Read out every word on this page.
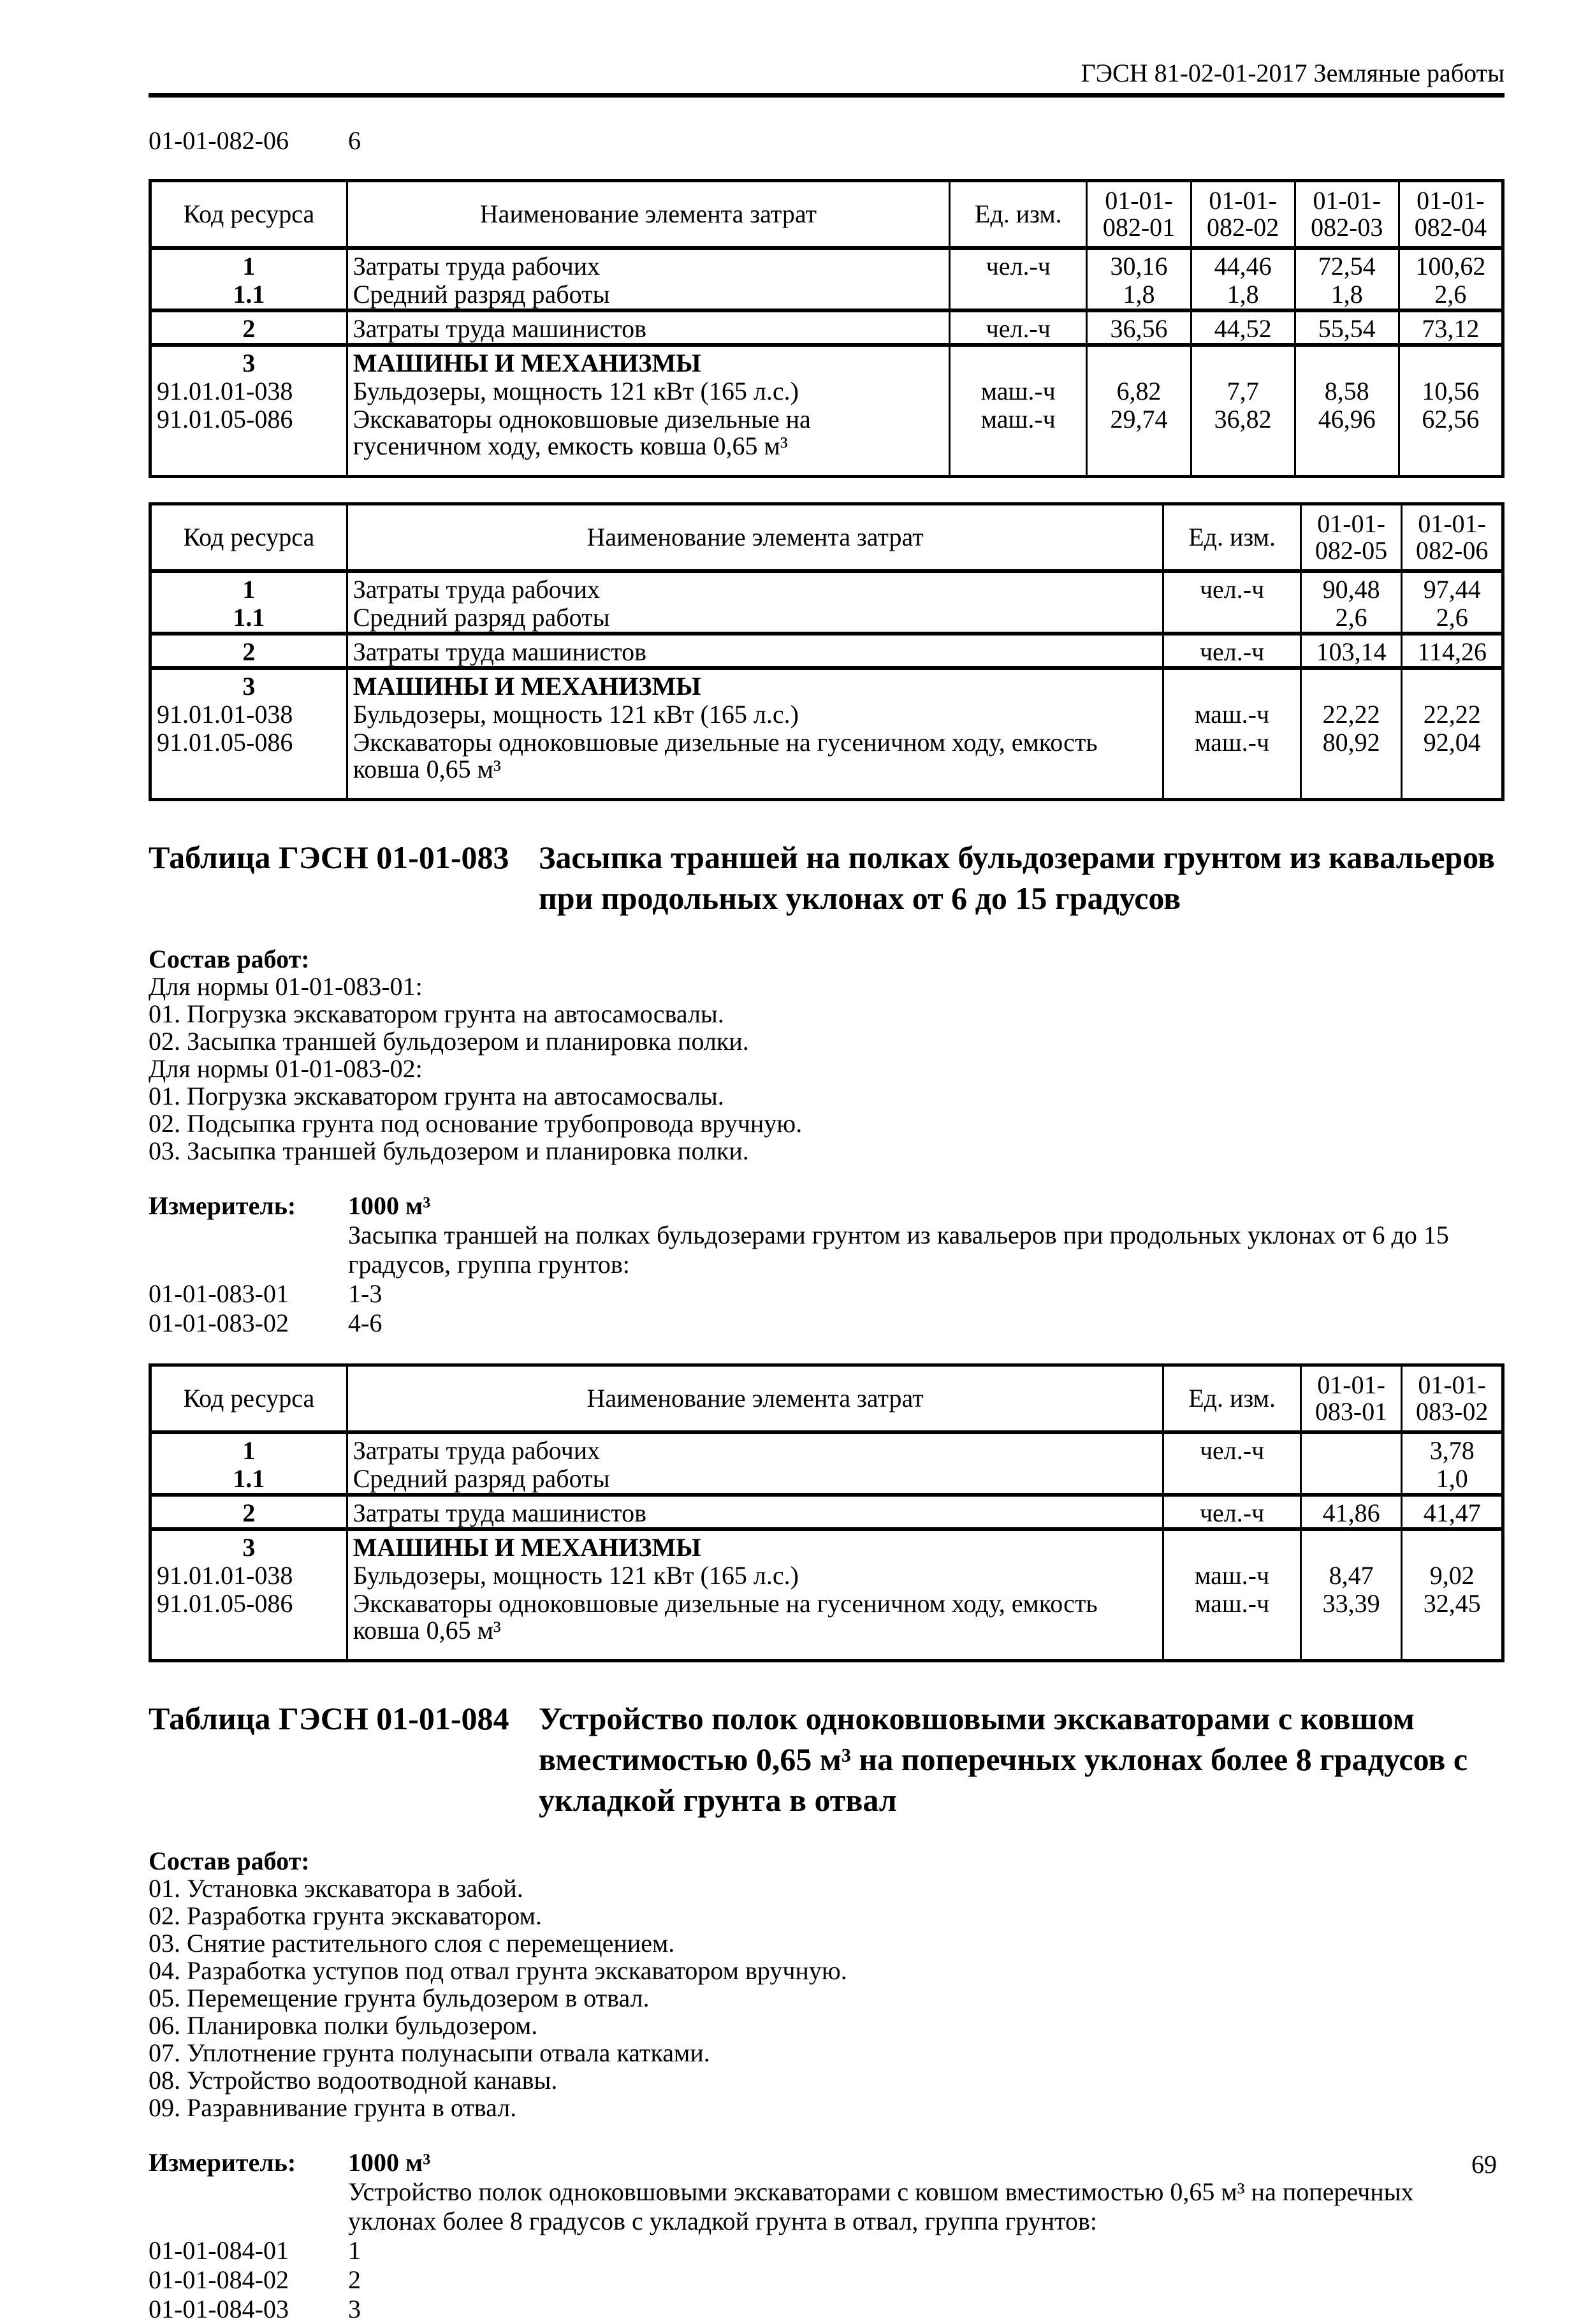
ГЭСН 81-02-01-2017 Земляные работы
01-01-082-06	6
Код ресурса	Наименование элемента затрат	Ед. изм.	01-01-082-01	01-01-082-02	01-01-082-03	01-01-082-04
1	Затраты труда рабочих	чел.-ч	30,16	44,46	72,54	100,62
1.1	Средний разряд работы		1,8	1,8	1,8	2,6
2	Затраты труда машинистов	чел.-ч	36,56	44,52	55,54	73,12
3	МАШИНЫ И МЕХАНИЗМЫ					
91.01.01-038	Бульдозеры, мощность 121 кВт (165 л.с.)	маш.-ч	6,82	7,7	8,58	10,56
91.01.05-086	Экскаваторы одноковшовые дизельные на гусеничном ходу, емкость ковша 0,65 м³	маш.-ч	29,74	36,82	46,96	62,56
Код ресурса	Наименование элемента затрат	Ед. изм.	01-01-082-05	01-01-082-06
1	Затраты труда рабочих	чел.-ч	90,48	97,44
1.1	Средний разряд работы		2,6	2,6
2	Затраты труда машинистов	чел.-ч	103,14	114,26
3	МАШИНЫ И МЕХАНИЗМЫ			
91.01.01-038	Бульдозеры, мощность 121 кВт (165 л.с.)	маш.-ч	22,22	22,22
91.01.05-086	Экскаваторы одноковшовые дизельные на гусеничном ходу, емкость ковша 0,65 м³	маш.-ч	80,92	92,04
Таблица ГЭСН 01-01-083 Засыпка траншей на полках бульдозерами грунтом из кавальеров при продольных уклонах от 6 до 15 градусов
Состав работ:
Для нормы 01-01-083-01:
01. Погрузка экскаватором грунта на автосамосвалы.
02. Засыпка траншей бульдозером и планировка полки.
Для нормы 01-01-083-02:
01. Погрузка экскаватором грунта на автосамосвалы.
02. Подсыпка грунта под основание трубопровода вручную.
03. Засыпка траншей бульдозером и планировка полки.
Измеритель:	1000 м³
Засыпка траншей на полках бульдозерами грунтом из кавальеров при продольных уклонах от 6 до 15 градусов, группа грунтов:
01-01-083-01	1-3
01-01-083-02	4-6
Код ресурса	Наименование элемента затрат	Ед. изм.	01-01-083-01	01-01-083-02
1	Затраты труда рабочих	чел.-ч		3,78
1.1	Средний разряд работы			1,0
2	Затраты труда машинистов	чел.-ч	41,86	41,47
3	МАШИНЫ И МЕХАНИЗМЫ			
91.01.01-038	Бульдозеры, мощность 121 кВт (165 л.с.)	маш.-ч	8,47	9,02
91.01.05-086	Экскаваторы одноковшовые дизельные на гусеничном ходу, емкость ковша 0,65 м³	маш.-ч	33,39	32,45
Таблица ГЭСН 01-01-084 Устройство полок одноковшовыми экскаваторами с ковшом вместимостью 0,65 м³ на поперечных уклонах более 8 градусов с укладкой грунта в отвал
Состав работ:
01. Установка экскаватора в забой.
02. Разработка грунта экскаватором.
03. Снятие растительного слоя с перемещением.
04. Разработка уступов под отвал грунта экскаватором вручную.
05. Перемещение грунта бульдозером в отвал.
06. Планировка полки бульдозером.
07. Уплотнение грунта полунасыпи отвала катками.
08. Устройство водоотводной канавы.
09. Разравнивание грунта в отвал.
Измеритель:	1000 м³
Устройство полок одноковшовыми экскаваторами с ковшом вместимостью 0,65 м³ на поперечных уклонах более 8 градусов с укладкой грунта в отвал, группа грунтов:
01-01-084-01	1
01-01-084-02	2
01-01-084-03	3
69
